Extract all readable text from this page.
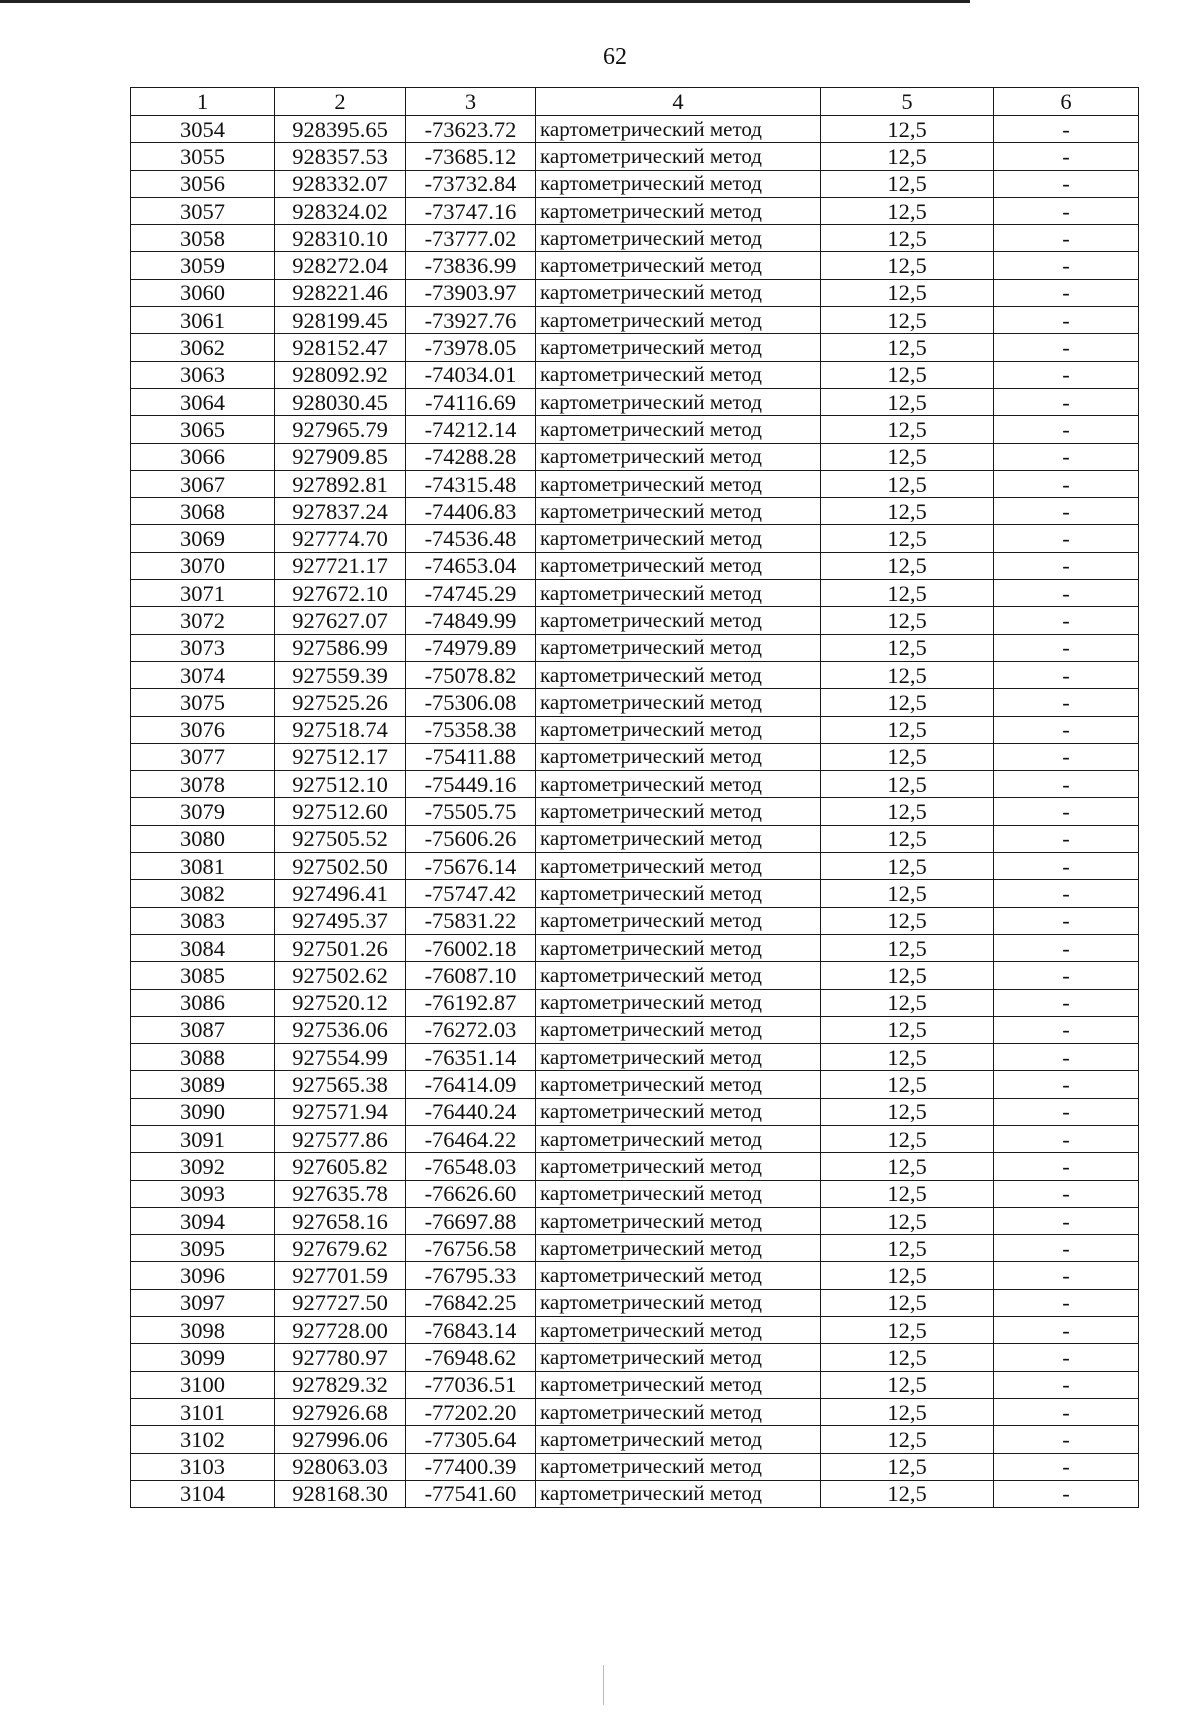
62
1	2	3	4	5	6
3054	928395.65	-73623.72	картометрический метод	12,5	-
3055	928357.53	-73685.12	картометрический метод	12,5	-
3056	928332.07	-73732.84	картометрический метод	12,5	-
3057	928324.02	-73747.16	картометрический метод	12,5	-
3058	928310.10	-73777.02	картометрический метод	12,5	-
3059	928272.04	-73836.99	картометрический метод	12,5	-
3060	928221.46	-73903.97	картометрический метод	12,5	-
3061	928199.45	-73927.76	картометрический метод	12,5	-
3062	928152.47	-73978.05	картометрический метод	12,5	-
3063	928092.92	-74034.01	картометрический метод	12,5	-
3064	928030.45	-74116.69	картометрический метод	12,5	-
3065	927965.79	-74212.14	картометрический метод	12,5	-
3066	927909.85	-74288.28	картометрический метод	12,5	-
3067	927892.81	-74315.48	картометрический метод	12,5	-
3068	927837.24	-74406.83	картометрический метод	12,5	-
3069	927774.70	-74536.48	картометрический метод	12,5	-
3070	927721.17	-74653.04	картометрический метод	12,5	-
3071	927672.10	-74745.29	картометрический метод	12,5	-
3072	927627.07	-74849.99	картометрический метод	12,5	-
3073	927586.99	-74979.89	картометрический метод	12,5	-
3074	927559.39	-75078.82	картометрический метод	12,5	-
3075	927525.26	-75306.08	картометрический метод	12,5	-
3076	927518.74	-75358.38	картометрический метод	12,5	-
3077	927512.17	-75411.88	картометрический метод	12,5	-
3078	927512.10	-75449.16	картометрический метод	12,5	-
3079	927512.60	-75505.75	картометрический метод	12,5	-
3080	927505.52	-75606.26	картометрический метод	12,5	-
3081	927502.50	-75676.14	картометрический метод	12,5	-
3082	927496.41	-75747.42	картометрический метод	12,5	-
3083	927495.37	-75831.22	картометрический метод	12,5	-
3084	927501.26	-76002.18	картометрический метод	12,5	-
3085	927502.62	-76087.10	картометрический метод	12,5	-
3086	927520.12	-76192.87	картометрический метод	12,5	-
3087	927536.06	-76272.03	картометрический метод	12,5	-
3088	927554.99	-76351.14	картометрический метод	12,5	-
3089	927565.38	-76414.09	картометрический метод	12,5	-
3090	927571.94	-76440.24	картометрический метод	12,5	-
3091	927577.86	-76464.22	картометрический метод	12,5	-
3092	927605.82	-76548.03	картометрический метод	12,5	-
3093	927635.78	-76626.60	картометрический метод	12,5	-
3094	927658.16	-76697.88	картометрический метод	12,5	-
3095	927679.62	-76756.58	картометрический метод	12,5	-
3096	927701.59	-76795.33	картометрический метод	12,5	-
3097	927727.50	-76842.25	картометрический метод	12,5	-
3098	927728.00	-76843.14	картометрический метод	12,5	-
3099	927780.97	-76948.62	картометрический метод	12,5	-
3100	927829.32	-77036.51	картометрический метод	12,5	-
3101	927926.68	-77202.20	картометрический метод	12,5	-
3102	927996.06	-77305.64	картометрический метод	12,5	-
3103	928063.03	-77400.39	картометрический метод	12,5	-
3104	928168.30	-77541.60	картометрический метод	12,5	-
